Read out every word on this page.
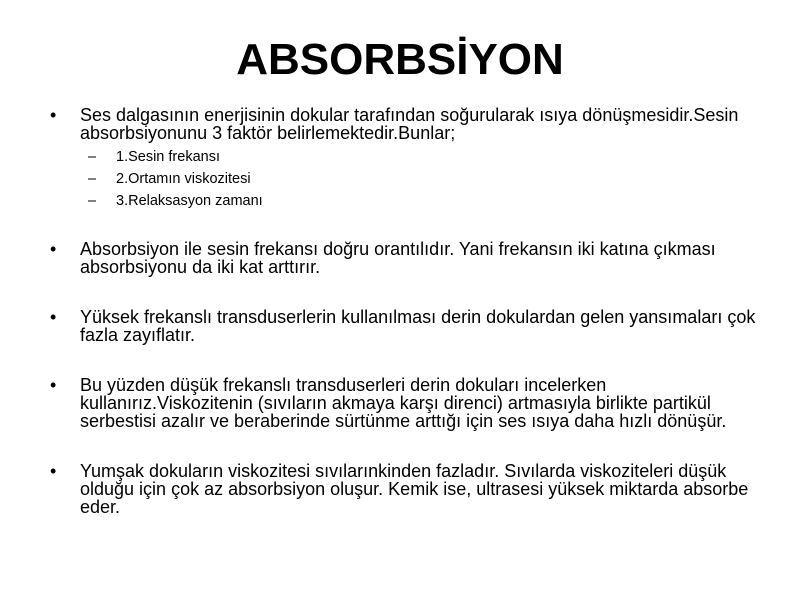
ABSORBSİYON
• Ses dalgasının enerjisinin dokular tarafından soğurularak ısıya dönüşmesidir.Sesin absorbsiyonunu 3 faktör belirlemektedir.Bunlar;
– 1.Sesin frekansı
– 2.Ortamın viskozitesi
– 3.Relaksasyon zamanı
• Absorbsiyon ile sesin frekansı doğru orantılıdır. Yani frekansın iki katına çıkması absorbsiyonu da iki kat arttırır.
• Yüksek frekanslı transduserlerin kullanılması derin dokulardan gelen yansımaları çok fazla zayıflatır.
• Bu yüzden düşük frekanslı transduserleri derin dokuları incelerken kullanırız.Viskozitenin (sıvıların akmaya karşı direnci) artmasıyla birlikte partikül serbestisi azalır ve beraberinde sürtünme arttığı için ses ısıya daha hızlı dönüşür.
• Yumşak dokuların viskozitesi sıvılarınkinden fazladır. Sıvılarda viskoziteleri düşük olduğu için çok az absorbsiyon oluşur. Kemik ise, ultrasesi yüksek miktarda absorbe eder.
